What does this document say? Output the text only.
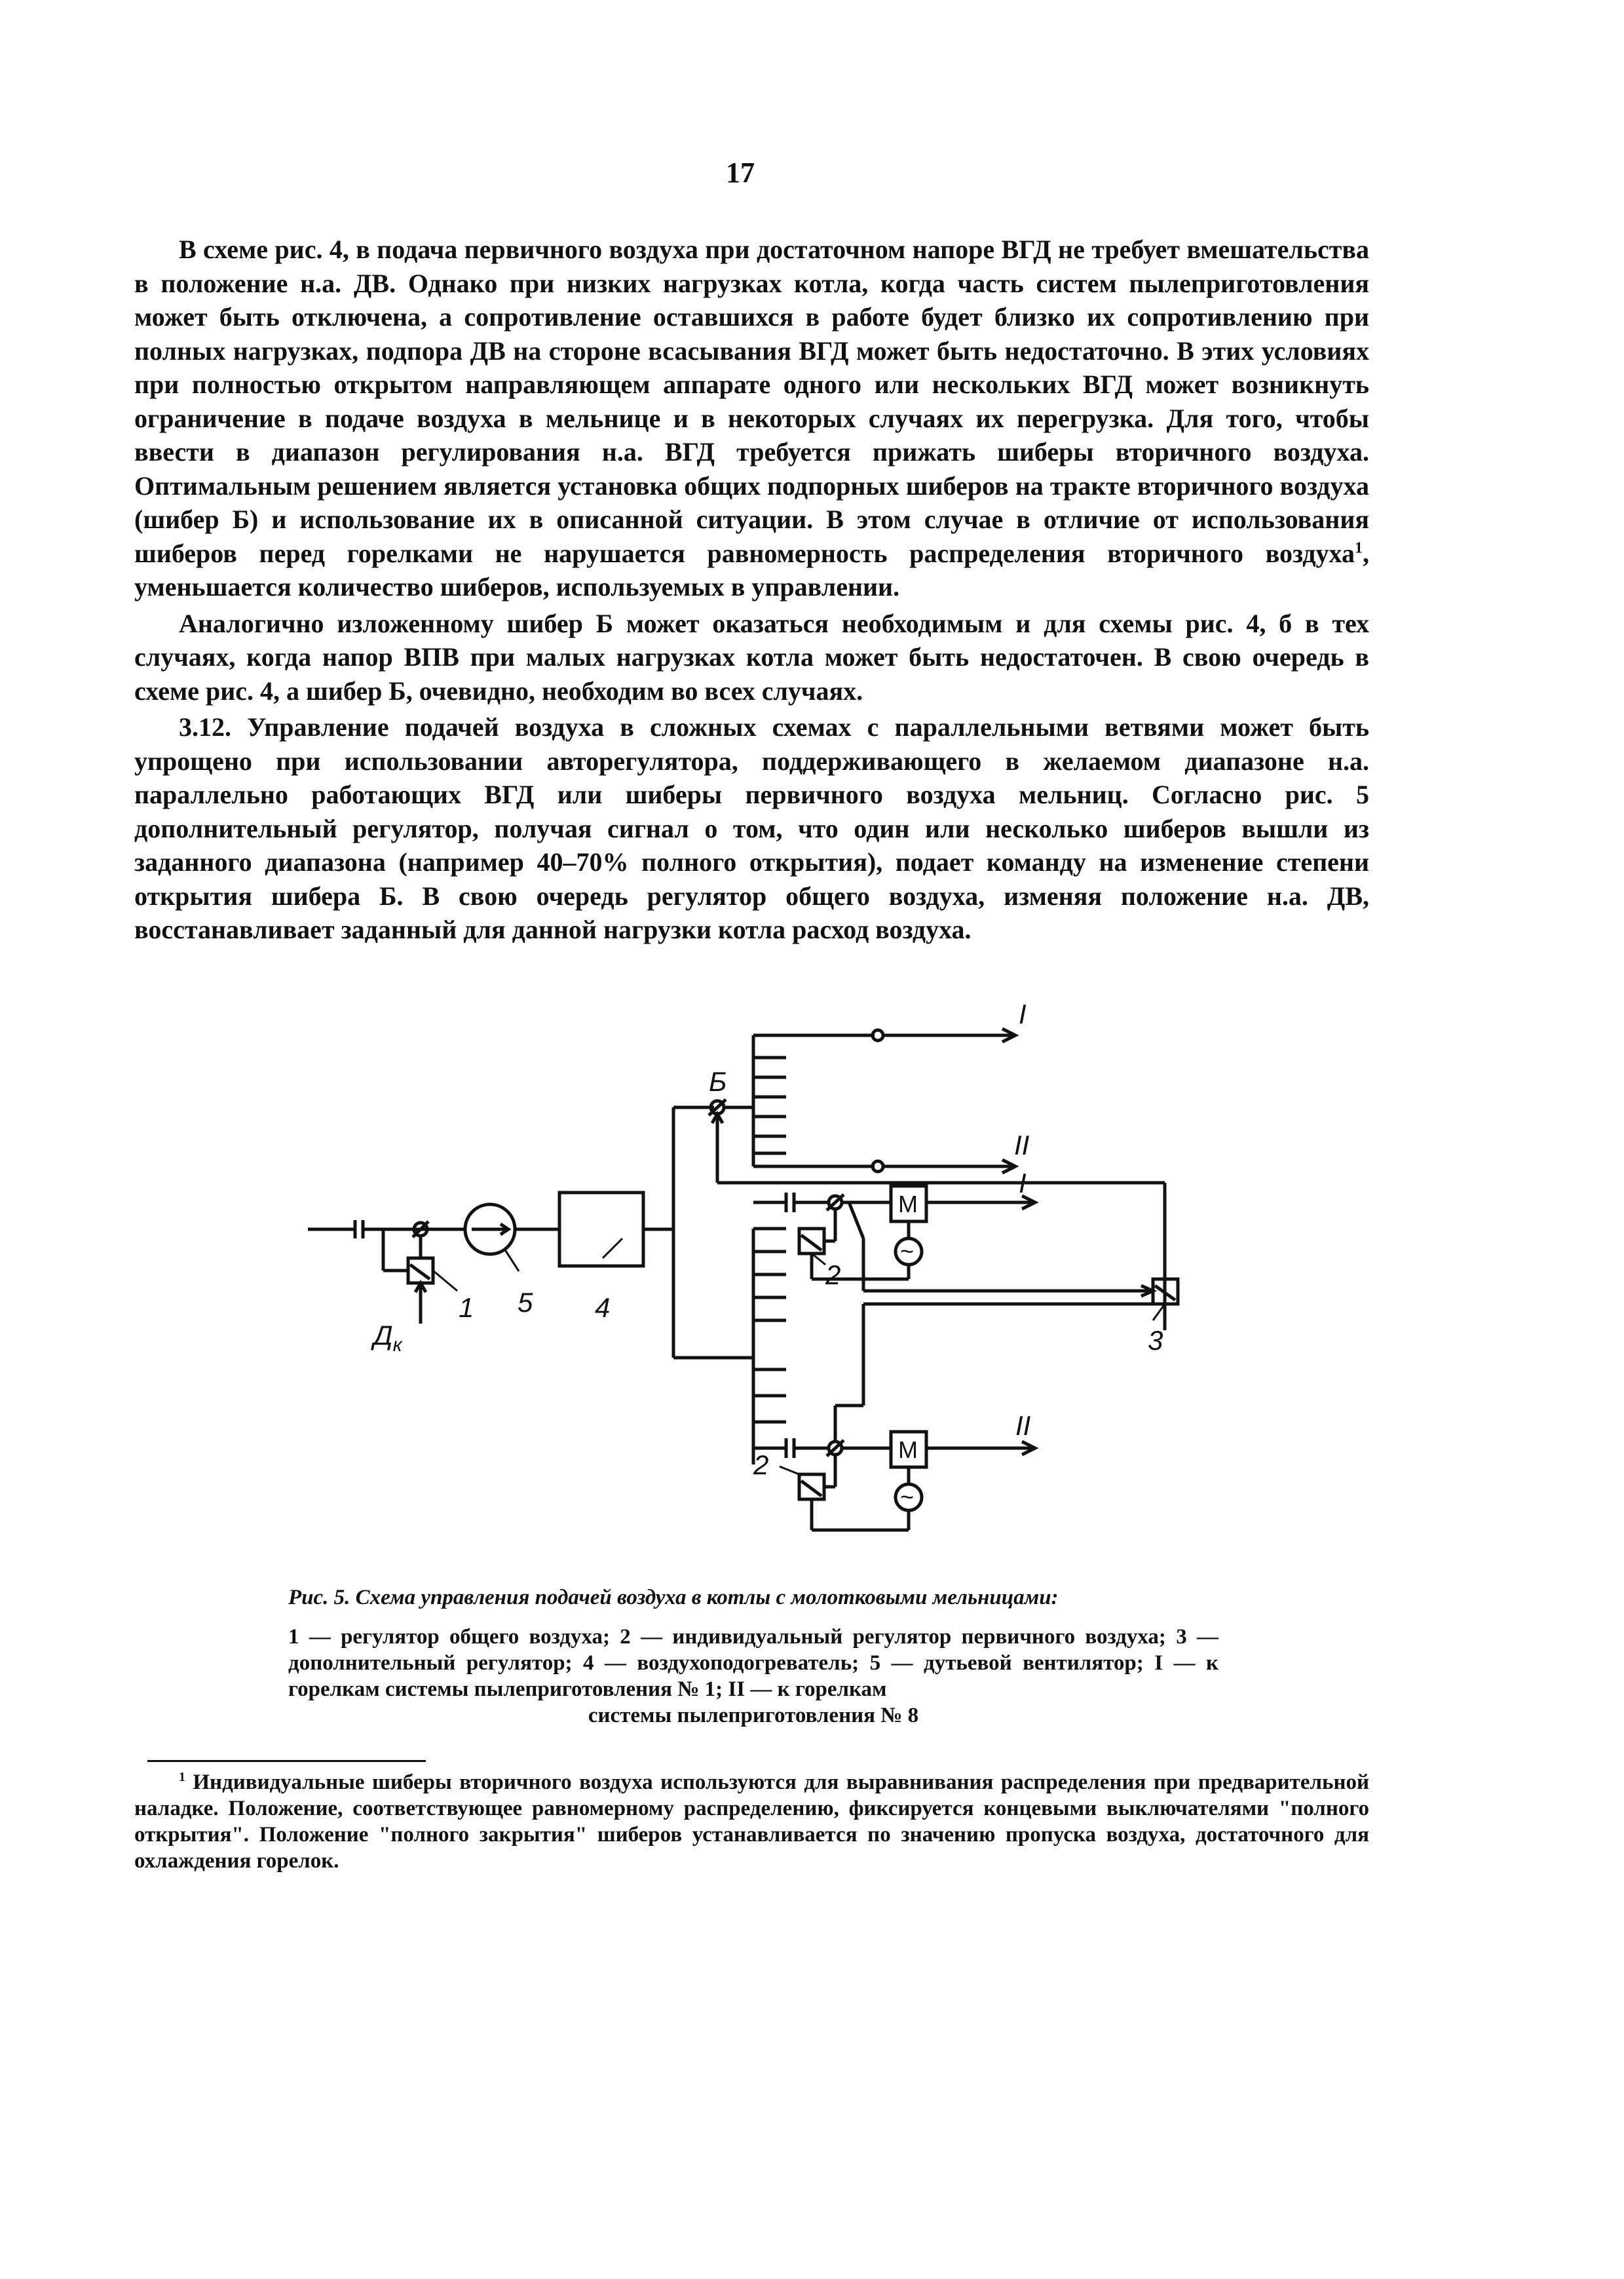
17

В схеме рис. 4, в подача первичного воздуха при достаточном напоре ВГД не требует вмешательства в положение н.а. ДВ. Однако при низких нагрузках котла, когда часть систем пылеприготовления может быть отключена, а сопротивление оставшихся в работе будет близко их сопротивлению при полных нагрузках, подпора ДВ на стороне всасывания ВГД может быть недостаточно. В этих условиях при полностью открытом направляющем аппарате одного или нескольких ВГД может возникнуть ограничение в подаче воздуха в мельнице и в некоторых случаях их перегрузка. Для того, чтобы ввести в диапазон регулирования н.а. ВГД требуется прижать шиберы вторичного воздуха. Оптимальным решением является установка общих подпорных шиберов на тракте вторичного воздуха (шибер Б) и использование их в описанной ситуации. В этом случае в отличие от использования шиберов перед горелками не нарушается равномерность распределения вторичного воздуха$^1$, уменьшается количество шиберов, используемых в управлении.

Аналогично изложенному шибер Б может оказаться необходимым и для схемы рис. 4, б в тех случаях, когда напор ВПВ при малых нагрузках котла может быть недостаточен. В свою очередь в схеме рис. 4, а шибер Б, очевидно, необходим во всех случаях.

3.12. Управление подачей воздуха в сложных схемах с параллельными ветвями может быть упрощено при использовании авторегулятора, поддерживающего в желаемом диапазоне н.а. параллельно работающих ВГД или шиберы первичного воздуха мельниц. Согласно рис. 5 дополнительный регулятор, получая сигнал о том, что один или несколько шиберов вышли из заданного диапазона (например 40–70% полного открытия), подает команду на изменение степени открытия шибера Б. В свою очередь регулятор общего воздуха, изменяя положение н.а. ДВ, восстанавливает заданный для данной нагрузки котла расход воздуха.

Б
I
II
I
II
$Д_к$
1 5 4
2
2
3
М
М
~
~
Рис. 5. Схема управления подачей воздуха в котлы с молотковыми мельницами:
1 — регулятор общего воздуха; 2 — индивидуальный регулятор первичного воздуха; 3 — дополнительный регулятор; 4 — воздухоподогреватель; 5 — дутьевой вентилятор; I — к горелкам системы пылеприготовления № 1; II — к горелкам
системы пылеприготовления № 8

$^1$ Индивидуальные шиберы вторичного воздуха используются для выравнивания распределения при предварительной наладке. Положение, соответствующее равномерному распределению, фиксируется концевыми выключателями "полного открытия". Положение "полного закрытия" шиберов устанавливается по значению пропуска воздуха, достаточного для охлаждения горелок.
